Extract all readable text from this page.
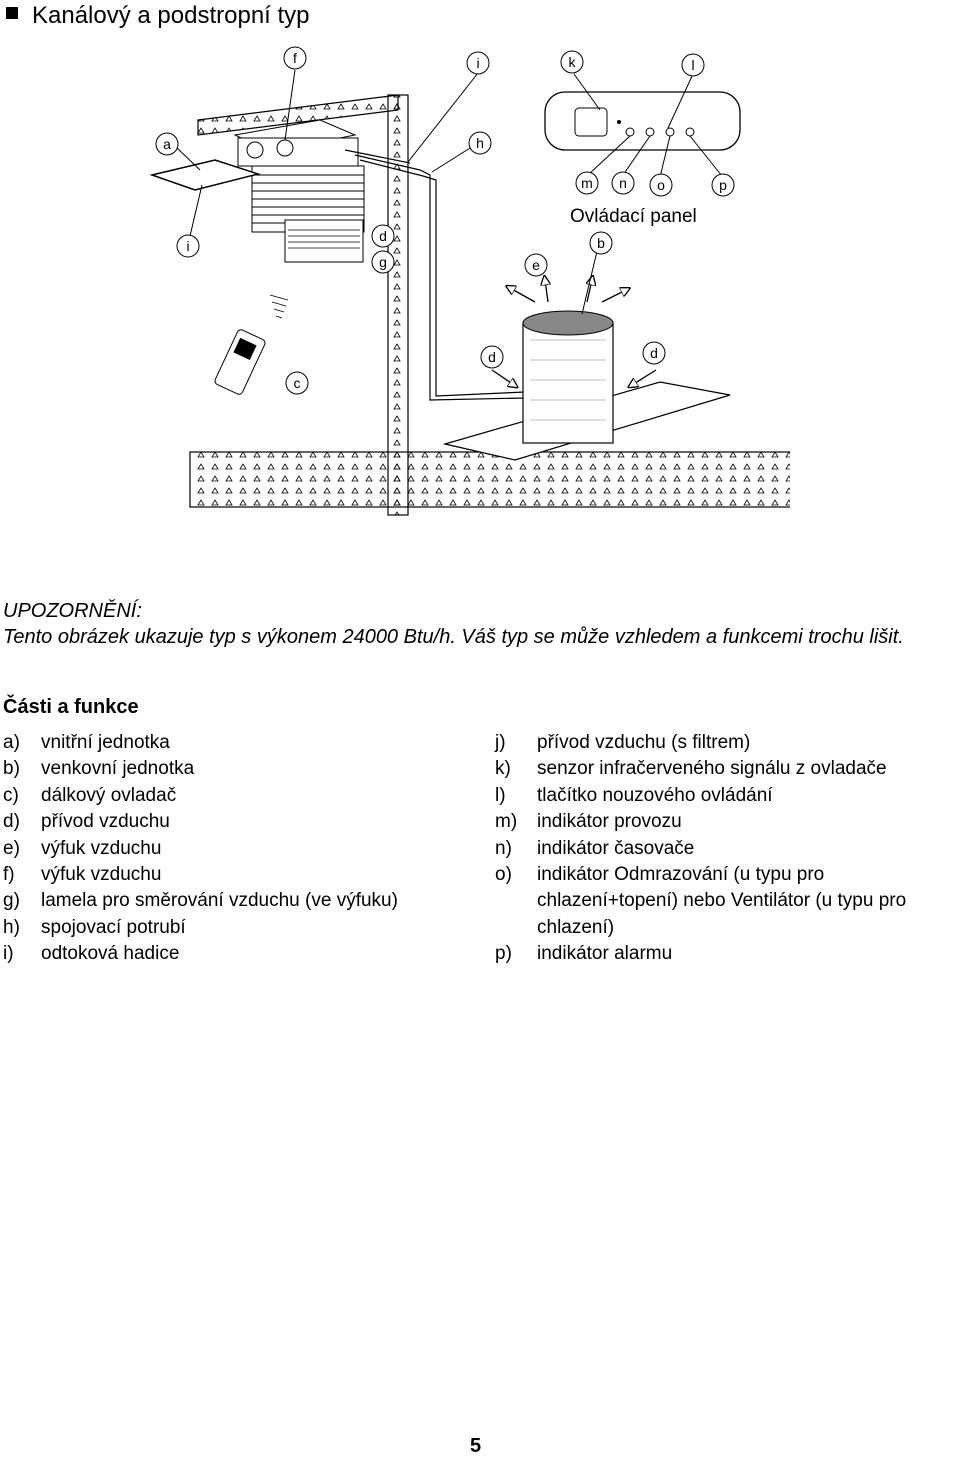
Kanálový a podstropní typ
Ovládací panel
f	i	k	l
a	h
m n o	p
i
d
g
b
e
d	d
c
UPOZORNĚNÍ:
Tento obrázek ukazuje typ s výkonem 24000 Btu/h. Váš typ se může vzhledem a funkcemi trochu lišit.
Části a funkce
a)	vnitřní jednotka
b)	venkovní jednotka
c)	dálkový ovladač
d)	přívod vzduchu
e)	výfuk vzduchu
f)	výfuk vzduchu
g)	lamela pro směrování vzduchu (ve výfuku)
h)	spojovací potrubí
i)	odtoková hadice
j)	přívod vzduchu (s filtrem)
k)	senzor infračerveného signálu z ovladače
l)	tlačítko nouzového ovládání
m)	indikátor provozu
n)	indikátor časovače
o)	indikátor Odmrazování (u typu pro chlazení+topení) nebo Ventilátor (u typu pro chlazení)
p)	indikátor alarmu
5
